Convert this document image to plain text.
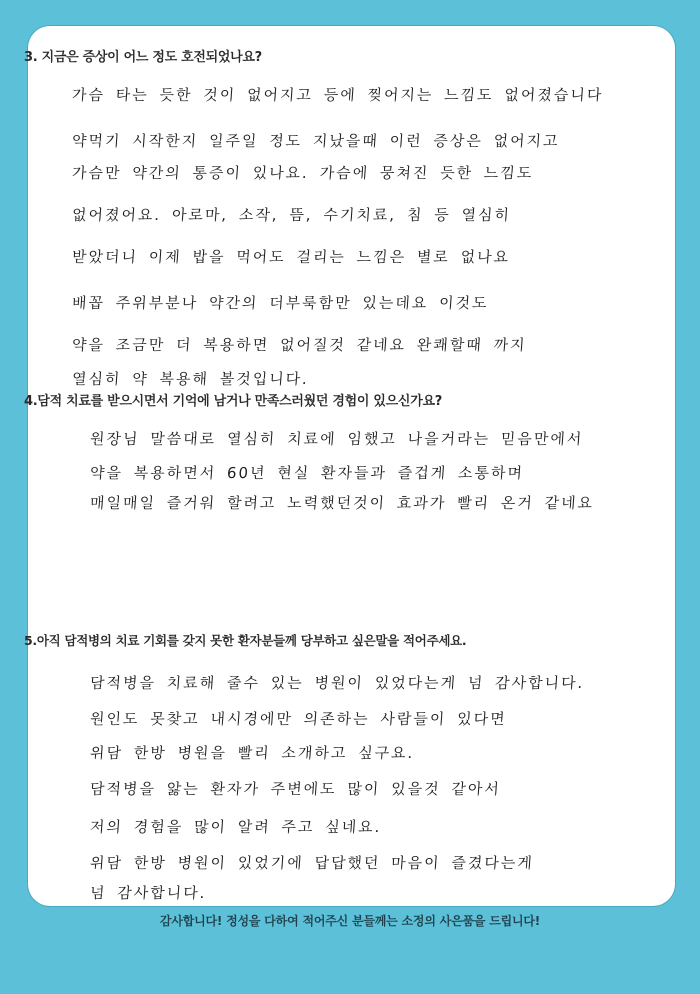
3. 지금은 증상이 어느 정도 호전되었나요?
가슴 타는 듯한 것이 없어지고 등에 찢어지는 느낌도 없어졌습니다
약먹기 시작한지 일주일 정도 지났을때 이런 증상은 없어지고
가슴만 약간의 통증이 있나요. 가슴에 뭉쳐진 듯한 느낌도
없어졌어요. 아로마, 소작, 뜸, 수기치료, 침 등 열심히
받았더니 이제 밥을 먹어도 걸리는 느낌은 별로 없나요
배꼽 주위부분나 약간의 더부룩함만 있는데요 이것도
약을 조금만 더 복용하면 없어질것 같네요 완쾌할때 까지
열심히 약 복용해 볼것입니다.
4.담적 치료를 받으시면서 기억에 남거나 만족스러웠던 경험이 있으신가요?
원장님 말씀대로 열심히 치료에 임했고 나을거라는 믿음만에서
약을 복용하면서 60년 현실 환자들과 즐겁게 소통하며
매일매일 즐거워 할려고 노력했던것이 효과가 빨리 온거 같네요
5.아직 담적병의 치료 기회를 갖지 못한 환자분들께 당부하고 싶은말을 적어주세요.
담적병을 치료해 줄수 있는 병원이 있었다는게 넘 감사합니다.
원인도 못찾고 내시경에만 의존하는 사람들이 있다면
위담 한방 병원을 빨리 소개하고 싶구요.
담적병을 앓는 환자가 주변에도 많이 있을것 같아서
저의 경험을 많이 알려 주고 싶네요.
위담 한방 병원이 있었기에 답답했던 마음이 즐겼다는게
넘 감사합니다.
감사합니다! 정성을 다하여 적어주신 분들께는 소정의 사은품을 드립니다!
